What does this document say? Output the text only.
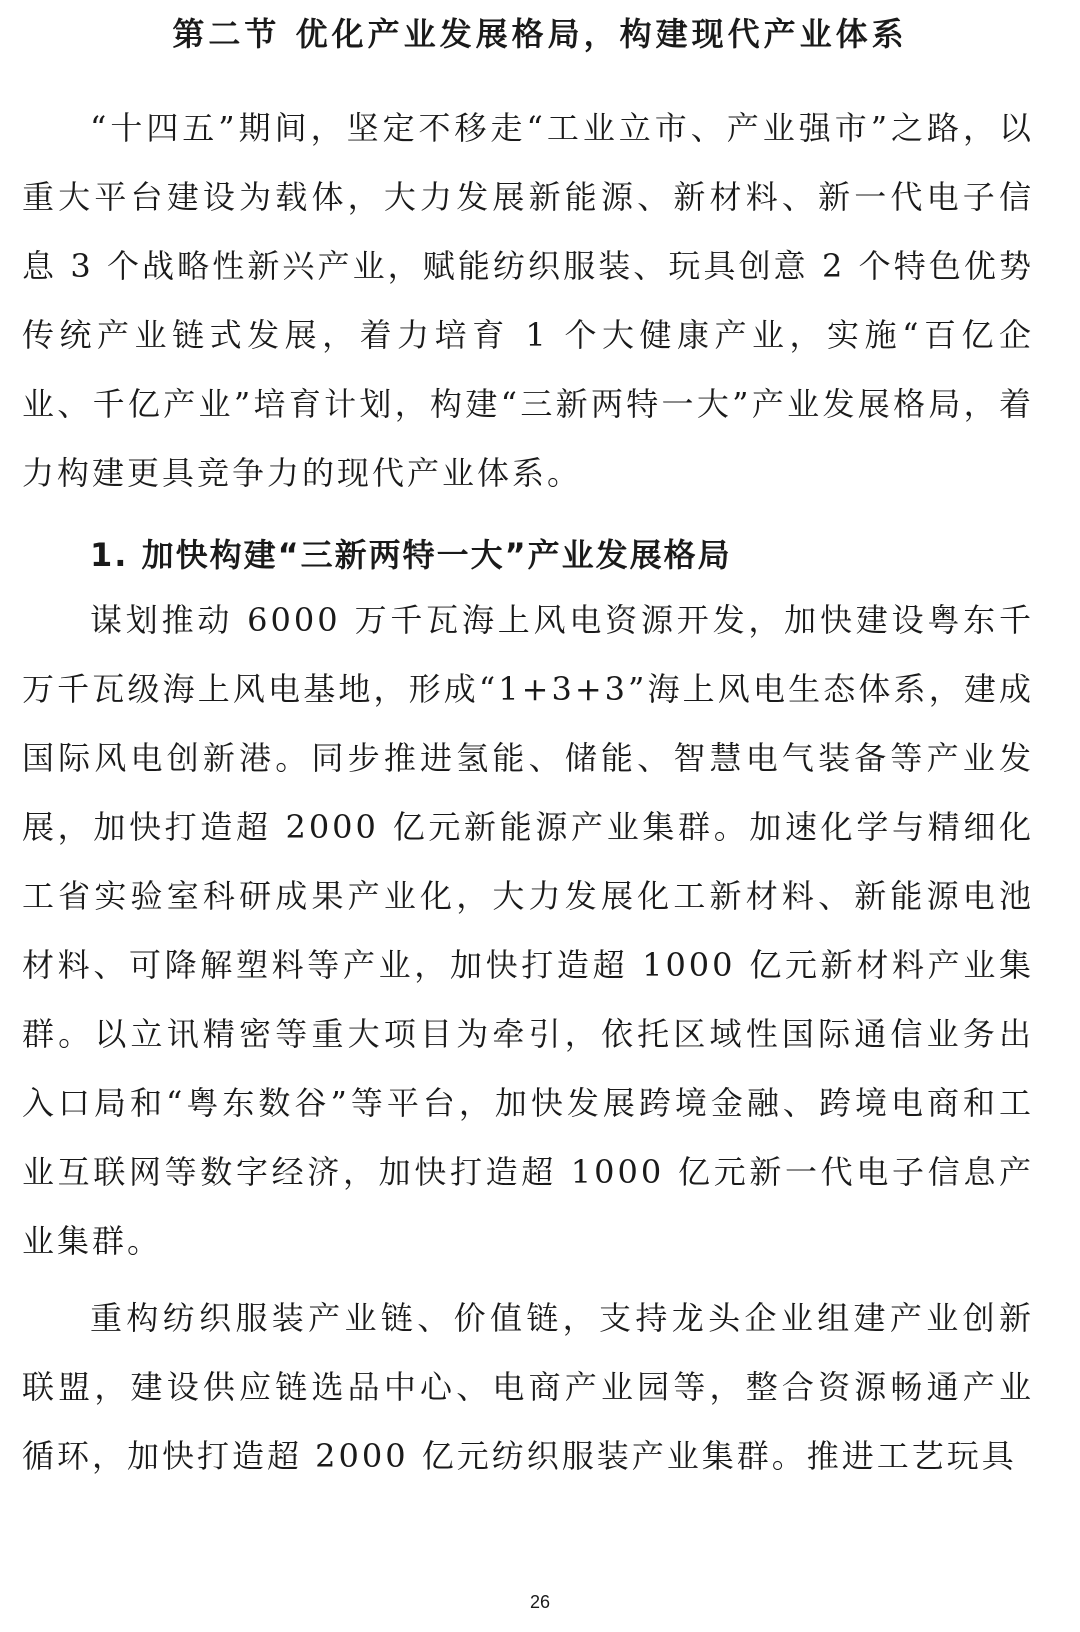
第二节 优化产业发展格局，构建现代产业体系

“十四五”期间，坚定不移走“工业立市、产业强市”之路，以重大平台建设为载体，大力发展新能源、新材料、新一代电子信息 3 个战略性新兴产业，赋能纺织服装、玩具创意 2 个特色优势传统产业链式发展，着力培育 1 个大健康产业，实施“百亿企业、千亿产业”培育计划，构建“三新两特一大”产业发展格局，着力构建更具竞争力的现代产业体系。

1. 加快构建“三新两特一大”产业发展格局

谋划推动 6000 万千瓦海上风电资源开发，加快建设粤东千万千瓦级海上风电基地，形成“1+3+3”海上风电生态体系，建成国际风电创新港。同步推进氢能、储能、智慧电气装备等产业发展，加快打造超 2000 亿元新能源产业集群。加速化学与精细化工省实验室科研成果产业化，大力发展化工新材料、新能源电池材料、可降解塑料等产业，加快打造超 1000 亿元新材料产业集群。以立讯精密等重大项目为牵引，依托区域性国际通信业务出入口局和“粤东数谷”等平台，加快发展跨境金融、跨境电商和工业互联网等数字经济，加快打造超 1000 亿元新一代电子信息产业集群。

重构纺织服装产业链、价值链，支持龙头企业组建产业创新联盟，建设供应链选品中心、电商产业园等，整合资源畅通产业循环，加快打造超 2000 亿元纺织服装产业集群。推进工艺玩具

26
